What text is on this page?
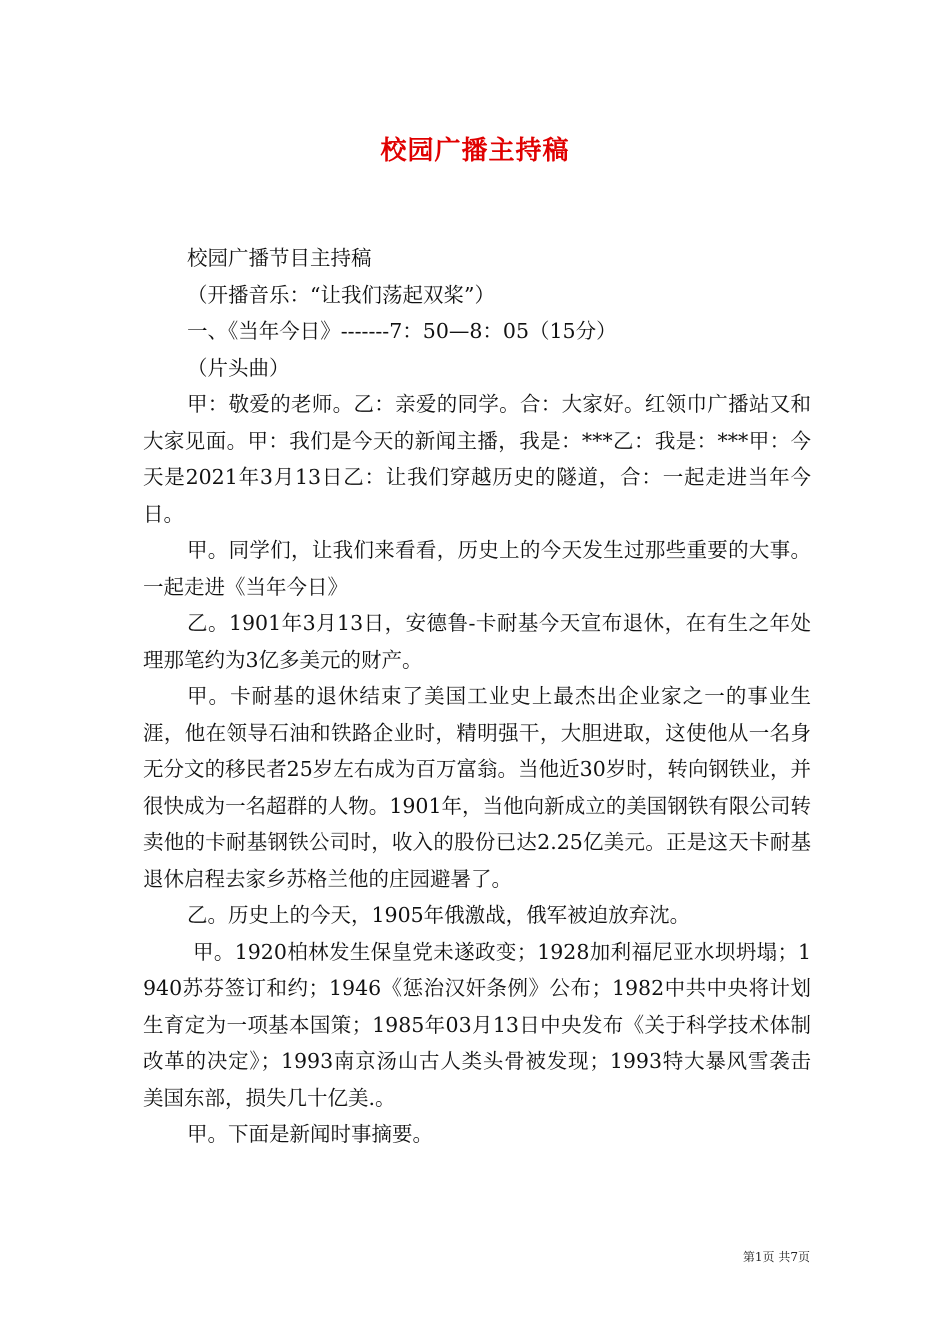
校园广播主持稿

校园广播节目主持稿

（开播音乐：“让我们荡起双桨”）

一、《当年今日》-------7：50—8：05（15分）

（片头曲）

甲：敬爱的老师。乙：亲爱的同学。合：大家好。红领巾广播站又和大家见面。甲：我们是今天的新闻主播，我是：***乙：我是：***甲：今天是2021年3月13日乙：让我们穿越历史的隧道，合：一起走进当年今日。

甲。同学们，让我们来看看，历史上的今天发生过那些重要的大事。一起走进《当年今日》

乙。1901年3月13日，安德鲁-卡耐基今天宣布退休，在有生之年处理那笔约为3亿多美元的财产。

甲。卡耐基的退休结束了美国工业史上最杰出企业家之一的事业生涯，他在领导石油和铁路企业时，精明强干，大胆进取，这使他从一名身无分文的移民者25岁左右成为百万富翁。当他近30岁时，转向钢铁业，并很快成为一名超群的人物。1901年，当他向新成立的美国钢铁有限公司转卖他的卡耐基钢铁公司时，收入的股份已达2.25亿美元。正是这天卡耐基退休启程去家乡苏格兰他的庄园避暑了。

乙。历史上的今天，1905年俄激战，俄军被迫放弃沈。

甲。1920柏林发生保皇党未遂政变；1928加利福尼亚水坝坍塌；1940苏芬签订和约；1946《惩治汉奸条例》公布；1982中共中央将计划生育定为一项基本国策；1985年03月13日中央发布《关于科学技术体制改革的决定》；1993南京汤山古人类头骨被发现；1993特大暴风雪袭击美国东部，损失几十亿美.。

甲。下面是新闻时事摘要。

第1页 共7页
